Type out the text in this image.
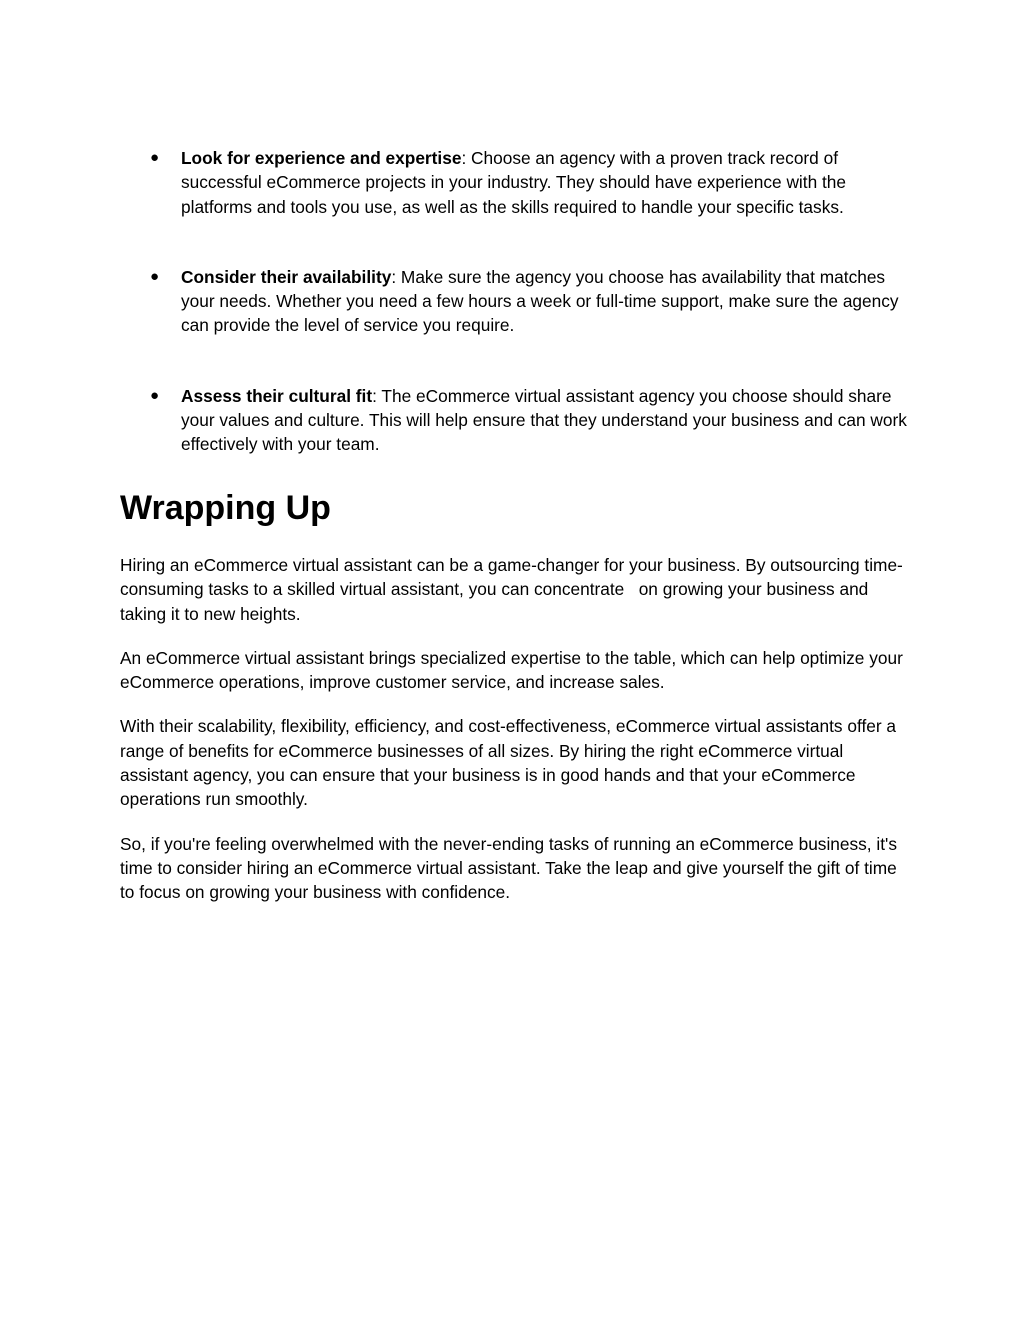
● Look for experience and expertise: Choose an agency with a proven track record of successful eCommerce projects in your industry. They should have experience with the platforms and tools you use, as well as the skills required to handle your specific tasks.
● Consider their availability: Make sure the agency you choose has availability that matches your needs. Whether you need a few hours a week or full-time support, make sure the agency can provide the level of service you require.
● Assess their cultural fit: The eCommerce virtual assistant agency you choose should share your values and culture. This will help ensure that they understand your business and can work effectively with your team.
Wrapping Up

Hiring an eCommerce virtual assistant can be a game-changer for your business. By outsourcing time-consuming tasks to a skilled virtual assistant, you can concentrate   on growing your business and taking it to new heights.

An eCommerce virtual assistant brings specialized expertise to the table, which can help optimize your eCommerce operations, improve customer service, and increase sales.

With their scalability, flexibility, efficiency, and cost-effectiveness, eCommerce virtual assistants offer a range of benefits for eCommerce businesses of all sizes. By hiring the right eCommerce virtual assistant agency, you can ensure that your business is in good hands and that your eCommerce operations run smoothly.

So, if you're feeling overwhelmed with the never-ending tasks of running an eCommerce business, it's time to consider hiring an eCommerce virtual assistant. Take the leap and give yourself the gift of time to focus on growing your business with confidence.
